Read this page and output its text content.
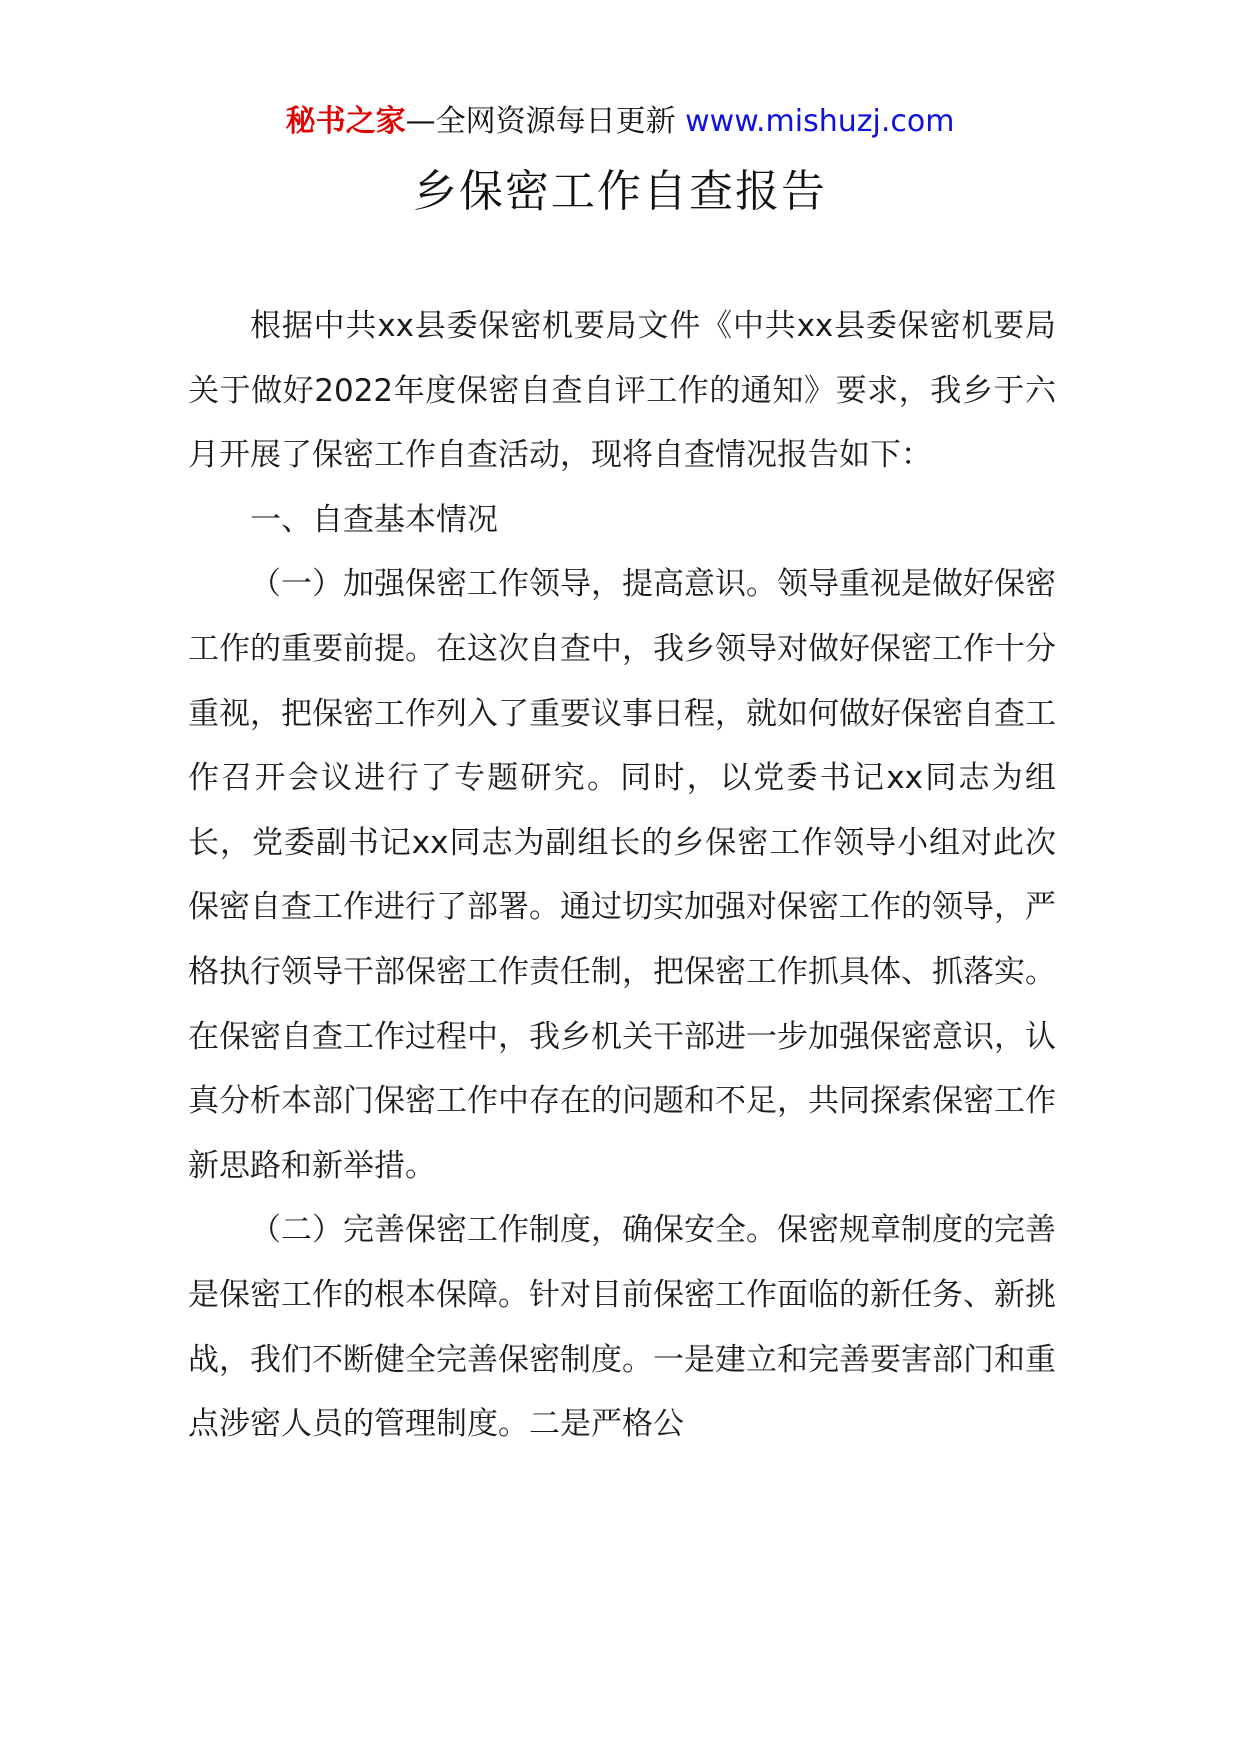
秘书之家—全网资源每日更新 www.mishuzj.com
乡保密工作自查报告

根据中共xx县委保密机要局文件《中共xx县委保密机要局关于做好2022年度保密自查自评工作的通知》要求，我乡于六月开展了保密工作自查活动，现将自查情况报告如下：

一、自查基本情况

（一）加强保密工作领导，提高意识。领导重视是做好保密工作的重要前提。在这次自查中，我乡领导对做好保密工作十分重视，把保密工作列入了重要议事日程，就如何做好保密自查工作召开会议进行了专题研究。同时，以党委书记xx同志为组长，党委副书记xx同志为副组长的乡保密工作领导小组对此次保密自查工作进行了部署。通过切实加强对保密工作的领导，严格执行领导干部保密工作责任制，把保密工作抓具体、抓落实。在保密自查工作过程中，我乡机关干部进一步加强保密意识，认真分析本部门保密工作中存在的问题和不足，共同探索保密工作新思路和新举措。

（二）完善保密工作制度，确保安全。保密规章制度的完善是保密工作的根本保障。针对目前保密工作面临的新任务、新挑战，我们不断健全完善保密制度。一是建立和完善要害部门和重点涉密人员的管理制度。二是严格公
